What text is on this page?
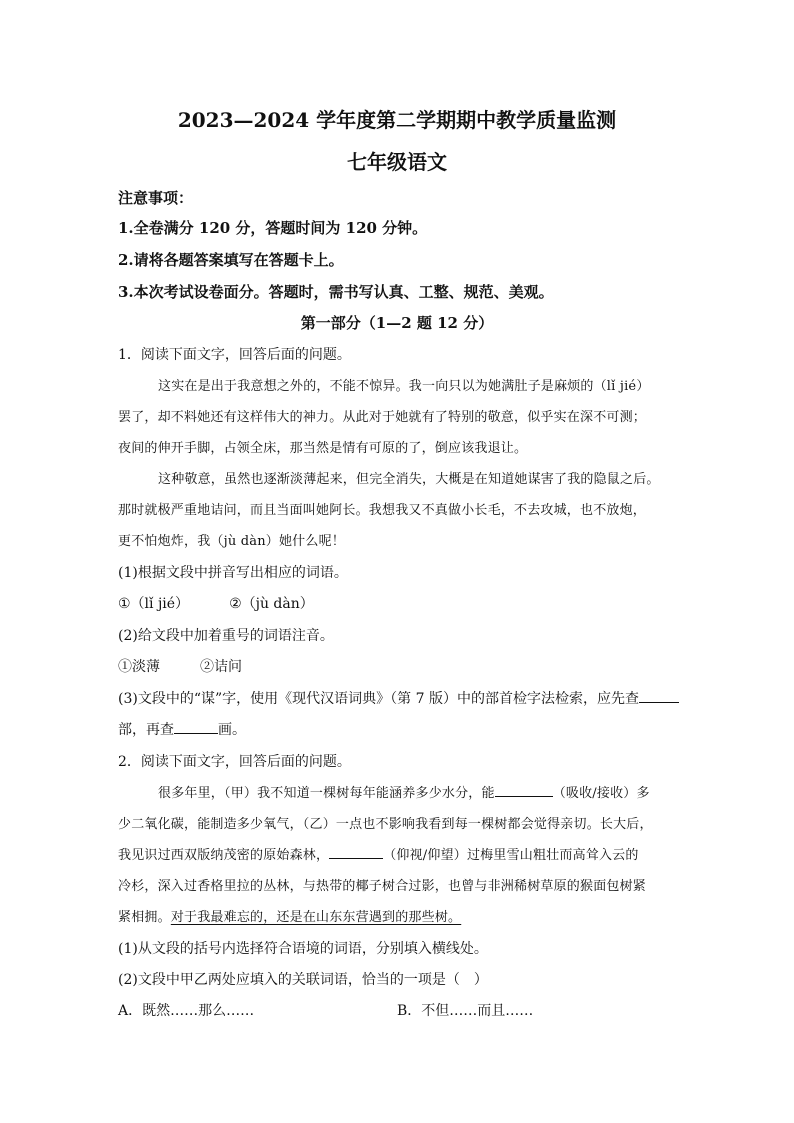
2023—2024 学年度第二学期期中教学质量监测
七年级语文
注意事项：
1.全卷满分 120 分，答题时间为 120 分钟。
2.请将各题答案填写在答题卡上。
3.本次考试设卷面分。答题时，需书写认真、工整、规范、美观。
第一部分（1—2 题 12 分）
1．阅读下面文字，回答后面的问题。
这实在是出于我意想之外的，不能不惊异。我一向只以为她满肚子是麻烦的（lǐ jié）
罢了，却不料她还有这样伟大的神力。从此对于她就有了特别的敬意，似乎实在深不可测；
夜间的伸开手脚，占领全床，那当然是情有可原的了，倒应该我退让。
这种敬意，虽然也逐渐淡薄起来，但完全消失，大概是在知道她谋害了我的隐鼠之后。
那时就极严重地诘问，而且当面叫她阿长。我想我又不真做小长毛，不去攻城，也不放炮，
更不怕炮炸，我（jù dàn）她什么呢！
(1)根据文段中拼音写出相应的词语。
①（lǐ jié）	②（jù dàn）
(2)给文段中加着重号的词语注音。
①淡薄	②诘问
(3)文段中的“谋”字，使用《现代汉语词典》（第 7 版）中的部首检字法检索，应先查
部，再查	画。
2．阅读下面文字，回答后面的问题。
很多年里，（甲）我不知道一棵树每年能涵养多少水分，能	（吸收/接收）多
少二氧化碳，能制造多少氧气，（乙）一点也不影响我看到每一棵树都会觉得亲切。长大后，
我见识过西双版纳茂密的原始森林，	（仰视/仰望）过梅里雪山粗壮而高耸入云的
冷杉，深入过香格里拉的丛林，与热带的椰子树合过影，也曾与非洲稀树草原的猴面包树紧
紧相拥。对于我最难忘的，还是在山东东营遇到的那些树。
(1)从文段的括号内选择符合语境的词语，分别填入横线处。
(2)文段中甲乙两处应填入的关联词语，恰当的一项是（　）
A．既然……那么……	B．不但……而且……
